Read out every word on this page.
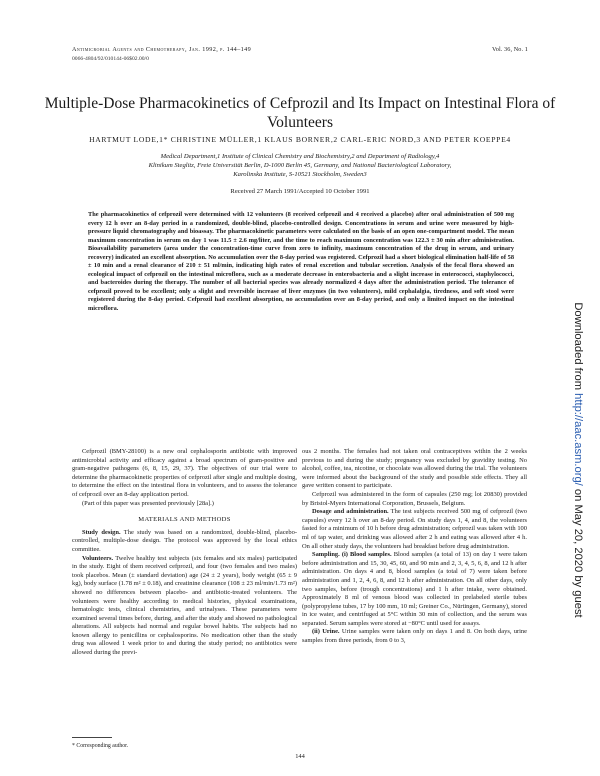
Antimicrobial Agents and Chemotherapy, Jan. 1992, p. 144–149	Vol. 36, No. 1
0066-4804/92/010144-06$02.00/0
Multiple-Dose Pharmacokinetics of Cefprozil and Its Impact on Intestinal Flora of Volunteers
HARTMUT LODE,1* CHRISTINE MÜLLER,1 KLAUS BORNER,2 CARL-ERIC NORD,3 AND PETER KOEPPE4
Medical Department,1 Institute of Clinical Chemistry and Biochemistry,2 and Department of Radiology,4
Klinikum Steglitz, Freie Universität Berlin, D-1000 Berlin 45, Germany, and National Bacteriological Laboratory,
Karolinska Institute, S-10521 Stockholm, Sweden3
Received 27 March 1991/Accepted 10 October 1991

The pharmacokinetics of cefprozil were determined with 12 volunteers (8 received cefprozil and 4 received a placebo) after oral administration of 500 mg every 12 h over an 8-day period in a randomized, double-blind, placebo-controlled design. Concentrations in serum and urine were measured by high-pressure liquid chromatography and bioassay. The pharmacokinetic parameters were calculated on the basis of an open one-compartment model. The mean maximum concentration in serum on day 1 was 11.5 ± 2.6 mg/liter, and the time to reach maximum concentration was 122.3 ± 30 min after administration. Bioavailability parameters (area under the concentration-time curve from zero to infinity, maximum concentration of the drug in serum, and urinary recovery) indicated an excellent absorption. No accumulation over the 8-day period was registered. Cefprozil had a short biological elimination half-life of 58 ± 10 min and a renal clearance of 210 ± 51 ml/min, indicating high rates of renal excretion and tubular secretion. Analysis of the fecal flora showed an ecological impact of cefprozil on the intestinal microflora, such as a moderate decrease in enterobacteria and a slight increase in enterococci, staphylococci, and bacteroides during the therapy. The number of all bacterial species was already normalized 4 days after the administration period. The tolerance of cefprozil proved to be excellent; only a slight and reversible increase of liver enzymes (in two volunteers), mild cephalalgia, tiredness, and soft stool were registered during the 8-day period. Cefprozil had excellent absorption, no accumulation over an 8-day period, and only a limited impact on the intestinal microflora.

Cefprozil (BMY-28100) is a new oral cephalosporin antibiotic with improved antimicrobial activity and efficacy against a broad spectrum of gram-positive and gram-negative pathogens (6, 8, 15, 29, 37). The objectives of our trial were to determine the pharmacokinetic properties of cefprozil after single and multiple dosing, to determine the effect on the intestinal flora in volunteers, and to assess the tolerance of cefprozil over an 8-day application period.

(Part of this paper was presented previously [28a].)

MATERIALS AND METHODS

Study design. The study was based on a randomized, double-blind, placebo-controlled, multiple-dose design. The protocol was approved by the local ethics committee.

Volunteers. Twelve healthy test subjects (six females and six males) participated in the study. Eight of them received cefprozil, and four (two females and two males) took placebos. Mean (± standard deviation) age (24 ± 2 years), body weight (65 ± 9 kg), body surface (1.78 m² ± 0.18), and creatinine clearance (108 ± 23 ml/min/1.73 m²) showed no differences between placebo- and antibiotic-treated volunteers. The volunteers were healthy according to medical histories, physical examinations, hematologic tests, clinical chemistries, and urinalyses. These parameters were examined several times before, during, and after the study and showed no pathological alterations. All subjects had normal and regular bowel habits. The subjects had no known allergy to penicillins or cephalosporins. No medication other than the study drug was allowed 1 week prior to and during the study period; no antibiotics were allowed during the previ-

ous 2 months. The females had not taken oral contraceptives within the 2 weeks previous to and during the study; pregnancy was excluded by gravidity testing. No alcohol, coffee, tea, nicotine, or chocolate was allowed during the trial. The volunteers were informed about the background of the study and possible side effects. They all gave written consent to participate.

Cefprozil was administered in the form of capsules (250 mg; lot 20830) provided by Bristol-Myers International Corporation, Brussels, Belgium.

Dosage and administration. The test subjects received 500 mg of cefprozil (two capsules) every 12 h over an 8-day period. On study days 1, 4, and 8, the volunteers fasted for a minimum of 10 h before drug administration; cefprozil was taken with 100 ml of tap water, and drinking was allowed after 2 h and eating was allowed after 4 h. On all other study days, the volunteers had breakfast before drug administration.

Sampling. (i) Blood samples. Blood samples (a total of 13) on day 1 were taken before administration and 15, 30, 45, 60, and 90 min and 2, 3, 4, 5, 6, 8, and 12 h after administration. On days 4 and 8, blood samples (a total of 7) were taken before administration and 1, 2, 4, 6, 8, and 12 h after administration. On all other days, only two samples, before (trough concentrations) and 1 h after intake, were obtained. Approximately 8 ml of venous blood was collected in prelabeled sterile tubes (polypropylene tubes, 17 by 100 mm, 10 ml; Greiner Co., Nürtingen, Germany), stored in ice water, and centrifuged at 5°C within 30 min of collection, and the serum was separated. Serum samples were stored at −80°C until used for assays.

(ii) Urine. Urine samples were taken only on days 1 and 8. On both days, urine samples from three periods, from 0 to 3,

* Corresponding author.
144
Downloaded from http://aac.asm.org/ on May 20, 2020 by guest
